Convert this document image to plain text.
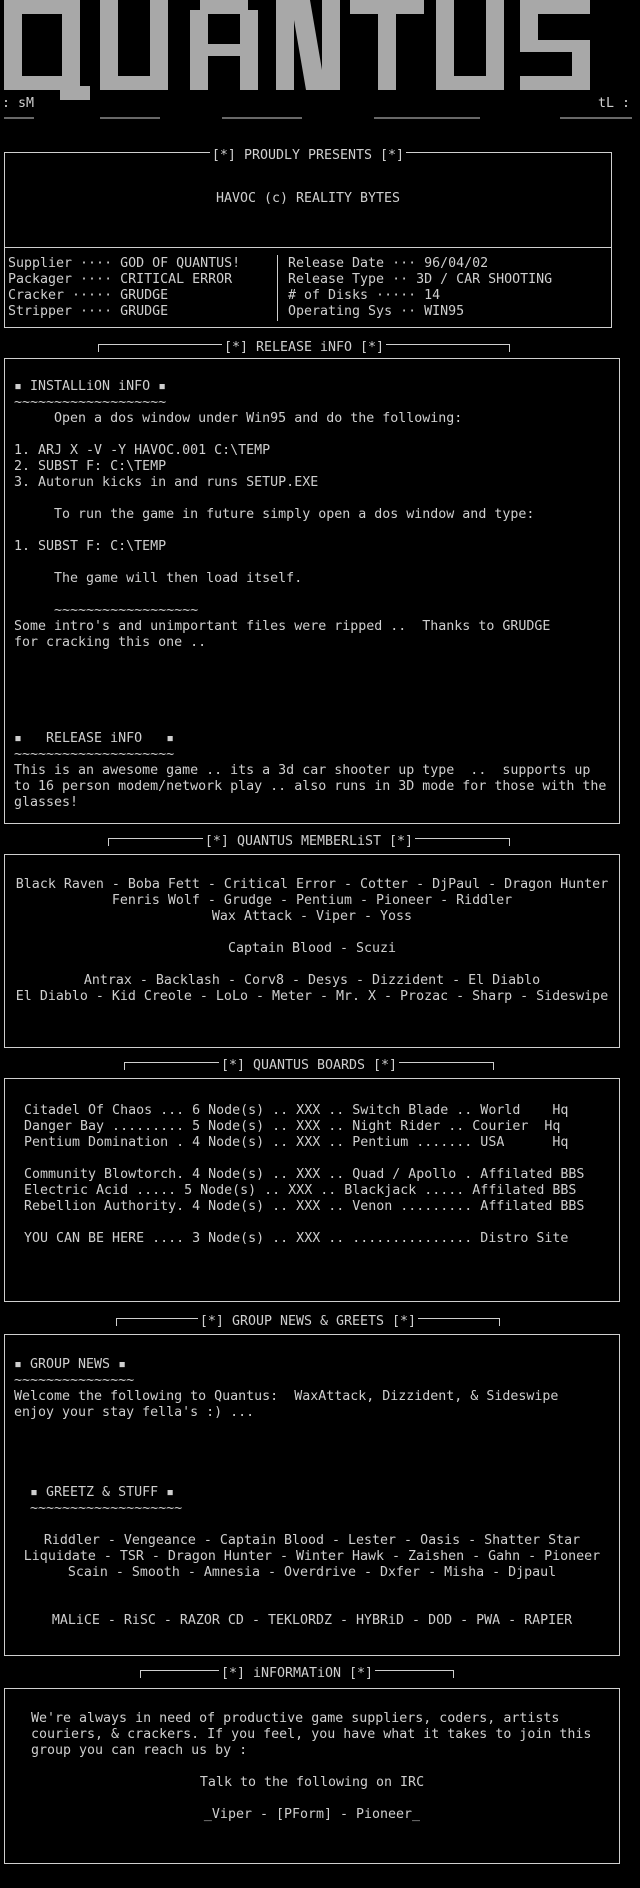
: sM	tL :
[*] PROUDLY PRESENTS [*]
HAVOC (c) REALITY BYTES
Supplier ···· GOD OF QUANTUS!
Packager ···· CRITICAL ERROR
Cracker ····· GRUDGE
Stripper ···· GRUDGE
Release Date ··· 96/04/02
Release Type ·· 3D / CAR SHOOTING
# of Disks ····· 14
Operating Sys ·· WIN95
[*] RELEASE iNFO [*]
▪ INSTALLiON iNFO ▪
~~~~~~~~~~~~~~~~~~~
Open a dos window under Win95 and do the following:
1. ARJ X -V -Y HAVOC.001 C:\TEMP
2. SUBST F: C:\TEMP
3. Autorun kicks in and runs SETUP.EXE
To run the game in future simply open a dos window and type:
1. SUBST F: C:\TEMP
The game will then load itself.
~~~~~~~~~~~~~~~~~~
Some intro's and unimportant files were ripped ..  Thanks to GRUDGE
for cracking this one ..
▪   RELEASE iNFO   ▪
~~~~~~~~~~~~~~~~~~~~
This is an awesome game .. its a 3d car shooter up type  ..  supports up
to 16 person modem/network play .. also runs in 3D mode for those with the
glasses!
[*] QUANTUS MEMBERLiST [*]
Black Raven - Boba Fett - Critical Error - Cotter - DjPaul - Dragon Hunter
Fenris Wolf - Grudge - Pentium - Pioneer - Riddler
Wax Attack - Viper - Yoss
Captain Blood - Scuzi
Antrax - Backlash - Corv8 - Desys - Dizzident - El Diablo
El Diablo - Kid Creole - LoLo - Meter - Mr. X - Prozac - Sharp - Sideswipe
[*] QUANTUS BOARDS [*]
Citadel Of Chaos ... 6 Node(s) .. XXX .. Switch Blade .. World    Hq
Danger Bay ......... 5 Node(s) .. XXX .. Night Rider .. Courier  Hq
Pentium Domination . 4 Node(s) .. XXX .. Pentium ....... USA      Hq
Community Blowtorch. 4 Node(s) .. XXX .. Quad / Apollo . Affilated BBS
Electric Acid ..... 5 Node(s) .. XXX .. Blackjack ..... Affilated BBS
Rebellion Authority. 4 Node(s) .. XXX .. Venon ......... Affilated BBS
YOU CAN BE HERE .... 3 Node(s) .. XXX .. ............... Distro Site
[*] GROUP NEWS & GREETS [*]
▪ GROUP NEWS ▪
~~~~~~~~~~~~~~~
Welcome the following to Quantus:  WaxAttack, Dizzident, & Sideswipe
enjoy your stay fella's :) ...
▪ GREETZ & STUFF ▪
~~~~~~~~~~~~~~~~~~~
Riddler - Vengeance - Captain Blood - Lester - Oasis - Shatter Star
Liquidate - TSR - Dragon Hunter - Winter Hawk - Zaishen - Gahn - Pioneer
Scain - Smooth - Amnesia - Overdrive - Dxfer - Misha - Djpaul
MALiCE - RiSC - RAZOR CD - TEKLORDZ - HYBRiD - DOD - PWA - RAPIER
[*] iNFORMATiON [*]
We're always in need of productive game suppliers, coders, artists
couriers, & crackers. If you feel, you have what it takes to join this
group you can reach us by :
Talk to the following on IRC
_Viper - [PForm] - Pioneer_
